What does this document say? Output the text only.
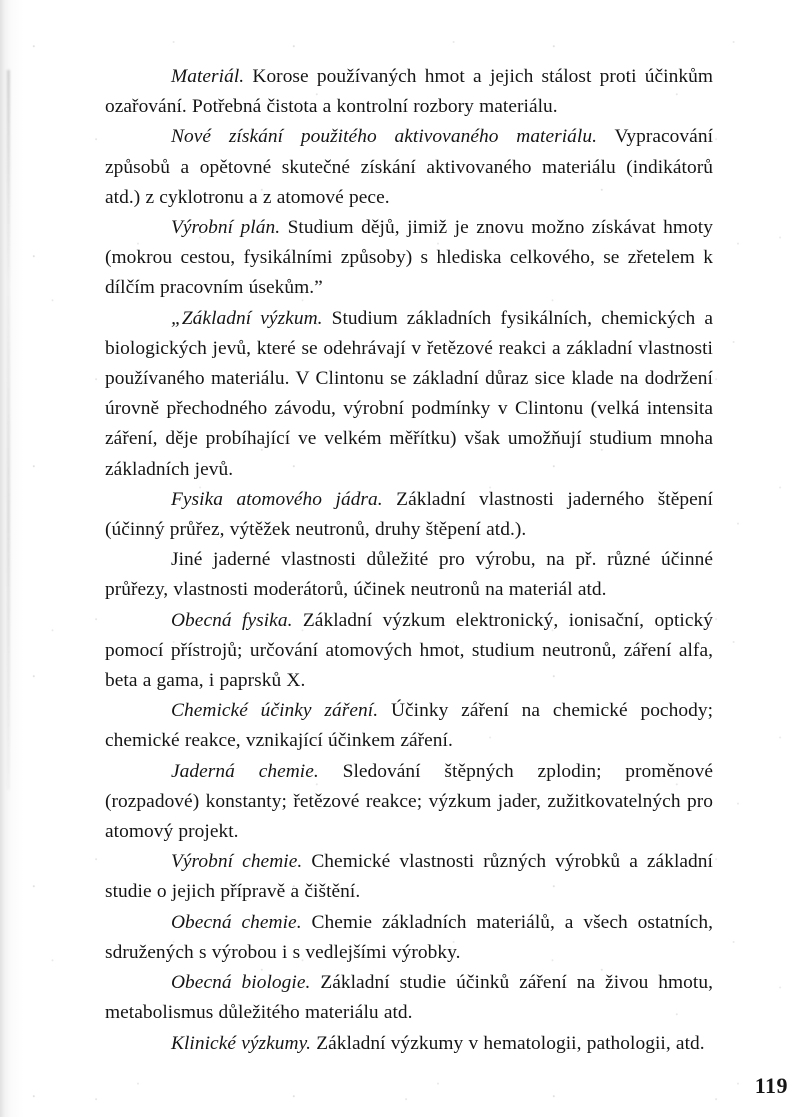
Materiál. Korose používaných hmot a jejich stálost proti účinkům ozařování. Potřebná čistota a kontrolní rozbory materiálu.

Nové získání použitého aktivovaného materiálu. Vypracování způsobů a opětovné skutečné získání aktivovaného materiálu (indikátorů atd.) z cyklotronu a z atomové pece.

Výrobní plán. Studium dějů, jimiž je znovu možno získávat hmoty (mokrou cestou, fysikálními způsoby) s hlediska celkového, se zřetelem k dílčím pracovním úsekům.”

„Základní výzkum. Studium základních fysikálních, chemických a biologických jevů, které se odehrávají v řetězové reakci a základní vlastnosti používaného materiálu. V Clintonu se základní důraz sice klade na dodržení úrovně přechodného závodu, výrobní podmínky v Clintonu (velká intensita záření, děje probíhající ve velkém měřítku) však umožňují studium mnoha základních jevů.

Fysika atomového jádra. Základní vlastnosti jaderného štěpení (účinný průřez, výtěžek neutronů, druhy štěpení atd.).

Jiné jaderné vlastnosti důležité pro výrobu, na př. různé účinné průřezy, vlastnosti moderátorů, účinek neutronů na materiál atd.

Obecná fysika. Základní výzkum elektronický, ionisační, optický pomocí přístrojů; určování atomových hmot, studium neutronů, záření alfa, beta a gama, i paprsků X.

Chemické účinky záření. Účinky záření na chemické pochody; chemické reakce, vznikající účinkem záření.

Jaderná chemie. Sledování štěpných zplodin; proměnové (rozpadové) konstanty; řetězové reakce; výzkum jader, zužitkovatelných pro atomový projekt.

Výrobní chemie. Chemické vlastnosti různých výrobků a základní studie o jejich přípravě a čištění.

Obecná chemie. Chemie základních materiálů, a všech ostatních, sdružených s výrobou i s vedlejšími výrobky.

Obecná biologie. Základní studie účinků záření na živou hmotu, metabolismus důležitého materiálu atd.

Klinické výzkumy. Základní výzkumy v hematologii, pathologii, atd.

119
